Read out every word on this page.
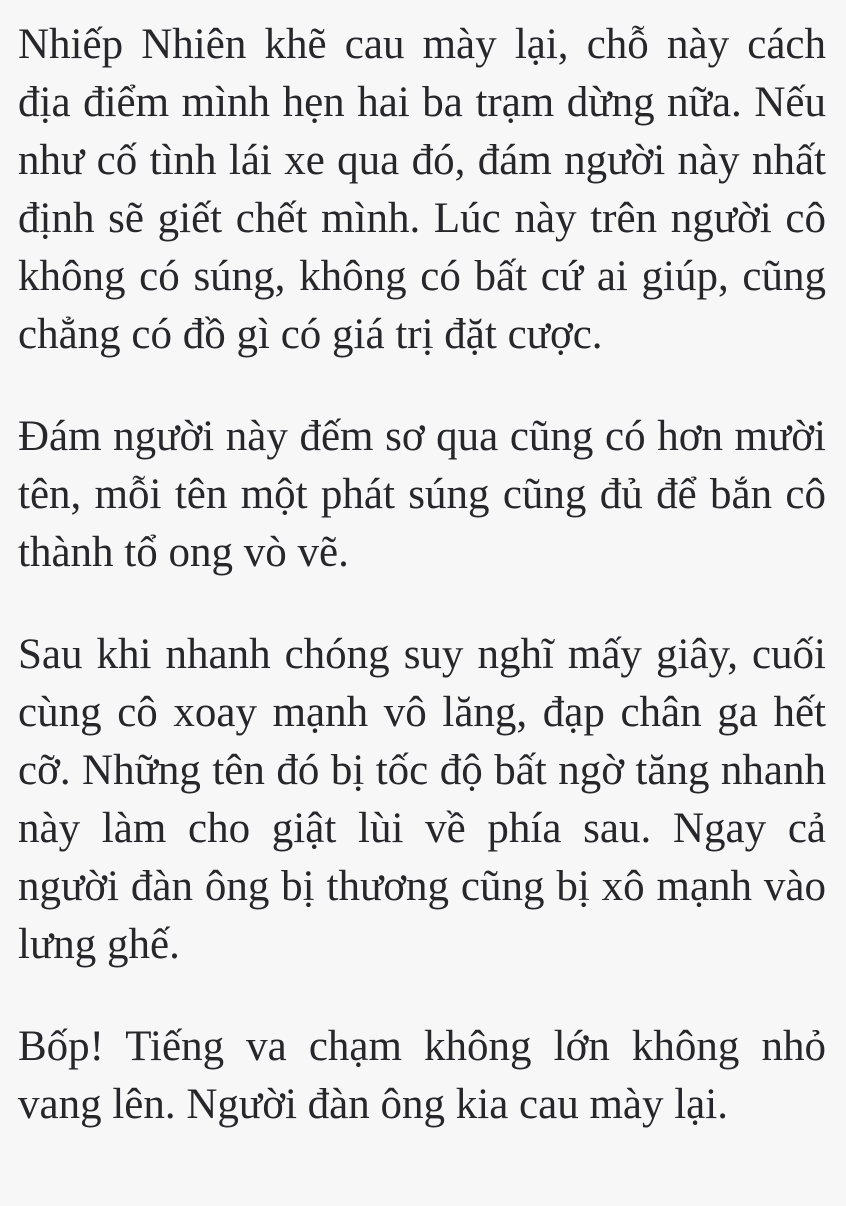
Nhiếp Nhiên khẽ cau mày lại, chỗ này cách địa điểm mình hẹn hai ba trạm dừng nữa. Nếu như cố tình lái xe qua đó, đám người này nhất định sẽ giết chết mình. Lúc này trên người cô không có súng, không có bất cứ ai giúp, cũng chẳng có đồ gì có giá trị đặt cược.

Đám người này đếm sơ qua cũng có hơn mười tên, mỗi tên một phát súng cũng đủ để bắn cô thành tổ ong vò vẽ.

Sau khi nhanh chóng suy nghĩ mấy giây, cuối cùng cô xoay mạnh vô lăng, đạp chân ga hết cỡ. Những tên đó bị tốc độ bất ngờ tăng nhanh này làm cho giật lùi về phía sau. Ngay cả người đàn ông bị thương cũng bị xô mạnh vào lưng ghế.

Bốp! Tiếng va chạm không lớn không nhỏ vang lên. Người đàn ông kia cau mày lại.
